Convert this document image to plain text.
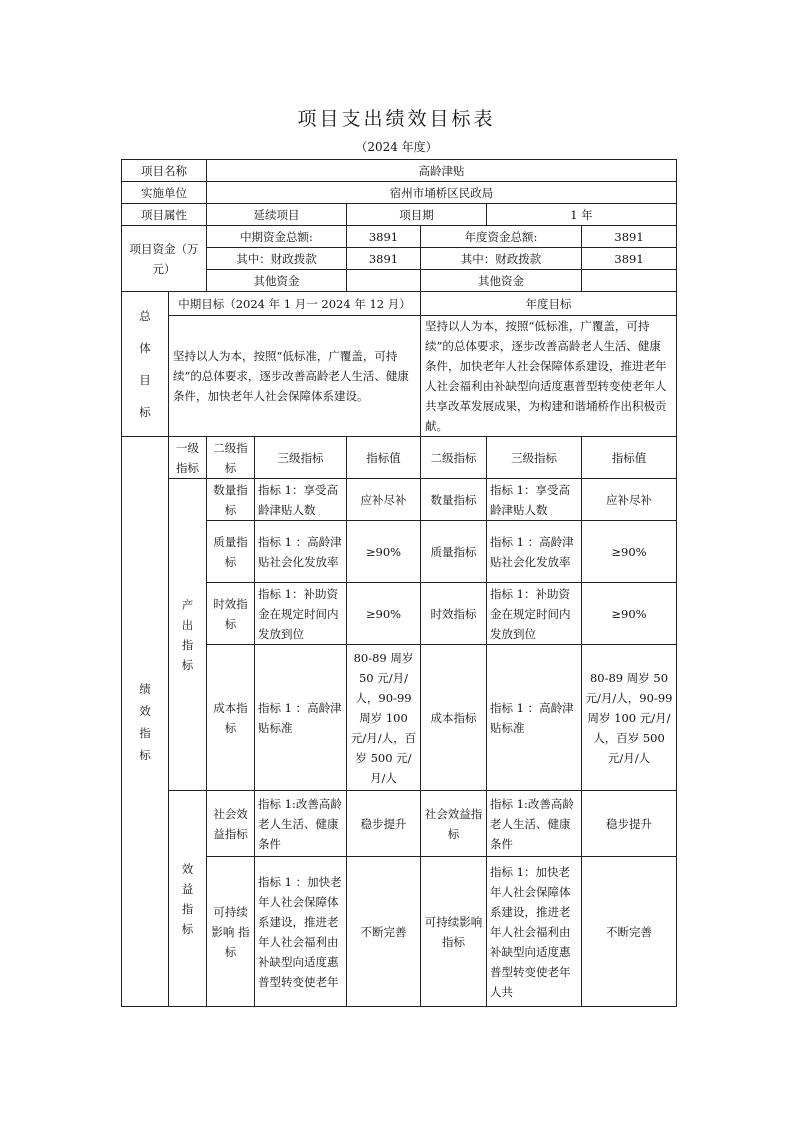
项目支出绩效目标表
（2024 年度）
项目名称		高龄津贴					
实施单位		宿州市埇桥区民政局					
项目属性		延续项目		项目期		1 年	
项目资金（万元）		中期资金总额:		3891	年度资金总额:		3891
		其中：财政拨款		3891	其中：财政拨款		3891
		其他资金			其他资金		
总体目标	中期目标（2024 年 1 月一 2024 年 12 月）				年度目标		
	坚持以人为本，按照“低标准，广覆盖，可持续”的总体要求，逐步改善高龄老人生活、健康条件，加快老年人社会保障体系建设。				坚持以人为本，按照“低标准，广覆盖，可持续”的总体要求，逐步改善高龄老人生活、健康条件，加快老年人社会保障体系建设，推进老年人社会福利由补缺型向适度惠普型转变使老年人共享改革发展成果，为构建和谐埇桥作出积极贡献。		
绩效指标	一级指标	二级指标	三级指标	指标值	二级指标	三级指标	指标值
	产出指标	数量指标	指标 1：享受高龄津贴人数	应补尽补	数量指标	指标 1：享受高龄津贴人数	应补尽补
		质量指标	指标 1 ：高龄津贴社会化发放率	≥90%	质量指标	指标 1 ：高龄津贴社会化发放率	≥90%
		时效指标	指标 1：补助资金在规定时间内发放到位	≥90%	时效指标	指标 1：补助资金在规定时间内发放到位	≥90%
		成本指标	指标 1 ：高龄津贴标准	80-89 周岁 50 元/月/人，90-99 周岁 100 元/月/人，百岁 500 元/月/人	成本指标	指标 1 ：高龄津贴标准	80-89 周岁 50 元/月/人，90-99 周岁 100 元/月/人，百岁 500 元/月/人
	效益指标	社会效益指标	指标 1:改善高龄老人生活、健康条件	稳步提升	社会效益指标	指标 1:改善高龄老人生活、健康条件	稳步提升
		可持续影响 指标	指标 1 ：加快老年人社会保障体系建设，推进老年人社会福利由补缺型向适度惠普型转变使老年	不断完善	可持续影响 指标	指标 1：加快老年人社会保障体系建设，推进老年人社会福利由补缺型向适度惠普型转变使老年人共	不断完善
